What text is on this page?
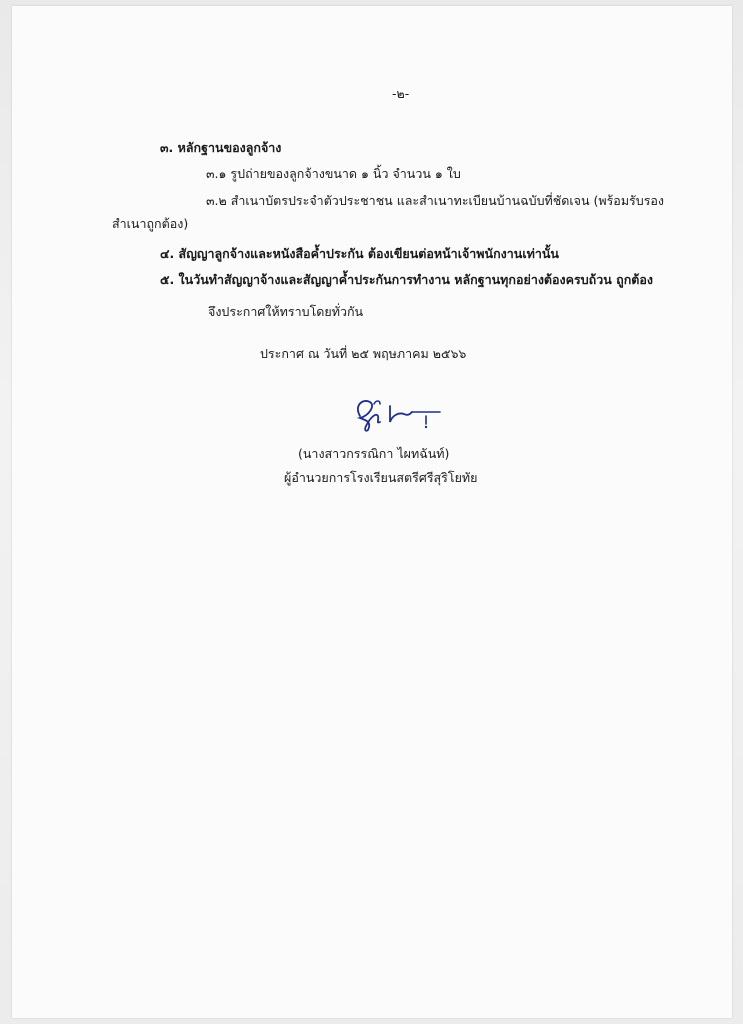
-๒-
๓. หลักฐานของลูกจ้าง
๓.๑ รูปถ่ายของลูกจ้างขนาด ๑ นิ้ว จำนวน ๑ ใบ
๓.๒ สำเนาบัตรประจำตัวประชาชน และสำเนาทะเบียนบ้านฉบับที่ชัดเจน (พร้อมรับรอง
สำเนาถูกต้อง)
๔. สัญญาลูกจ้างและหนังสือค้ำประกัน ต้องเขียนต่อหน้าเจ้าพนักงานเท่านั้น
๕. ในวันทำสัญญาจ้างและสัญญาค้ำประกันการทำงาน หลักฐานทุกอย่างต้องครบถ้วน ถูกต้อง
จึงประกาศให้ทราบโดยทั่วกัน
ประกาศ ณ วันที่ ๒๕ พฤษภาคม ๒๕๖๖
(นางสาวกรรณิกา ไผทฉันท์)
ผู้อำนวยการโรงเรียนสตรีศรีสุริโยทัย
